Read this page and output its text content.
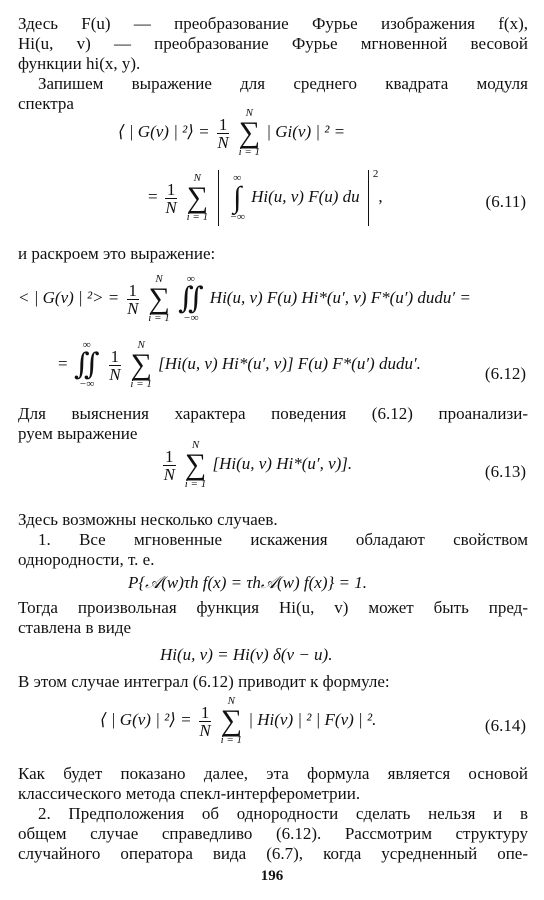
Здесь F(u) — преобразование Фурье изображения f(x),
Hi(u, v) — преобразование Фурье мгновенной весовой
функции hi(x, y).
Запишем выражение для среднего квадрата модуля
спектра
⟨ | G(v) | ²⟩ = $\frac{1}{N}$

N
∑
i = 1
| Gi(v) | ² =
= $\frac{1}{N}$

N
∑
i = 1

∞
∫
−∞
Hi(u, v) F(u) du $^2$,	(6.11)
и раскроем это выражение:
< | G(v) | $^2> = \frac{1}{N}$

N
∑
i = 1

∞
∬
−∞
Hi(u, v) F(u) Hi*(u′, v) F*(u′) dudu′ =
=
∞
∬
−∞

$\frac{1}{N}$

N
∑
i = 1
[Hi(u, v) Hi*(u′, v)] F(u) F*(u′) dudu′.
(6.12)
Для выяснения характера поведения (6.12) проанализи-
руем выражение
$\frac{1}{N}$

N
∑
i = 1
[Hi(u, v) Hi*(u′, v)].	(6.13)
Здесь возможны несколько случаев.
1. Все мгновенные искажения обладают свойством
однородности, т. е.
P{𝒜(w)τh f(x) = τh𝒜(w) f(x)} = 1.
Тогда произвольная функция Hi(u, v) может быть пред-
ставлена в виде
Hi(u, v) = Hi(v) δ(v − u).
В этом случае интеграл (6.12) приводит к формуле:
⟨ | G(v) | ²⟩ = $\frac{1}{N}$

N
∑
i = 1
| Hi(v) | ² | F(v) | ².	(6.14)
Как будет показано далее, эта формула является основой
классического метода спекл-интерферометрии.
2. Предположения об однородности сделать нельзя и в
общем случае справедливо (6.12). Рассмотрим структуру
случайного оператора вида (6.7), когда усредненный опе-
196
